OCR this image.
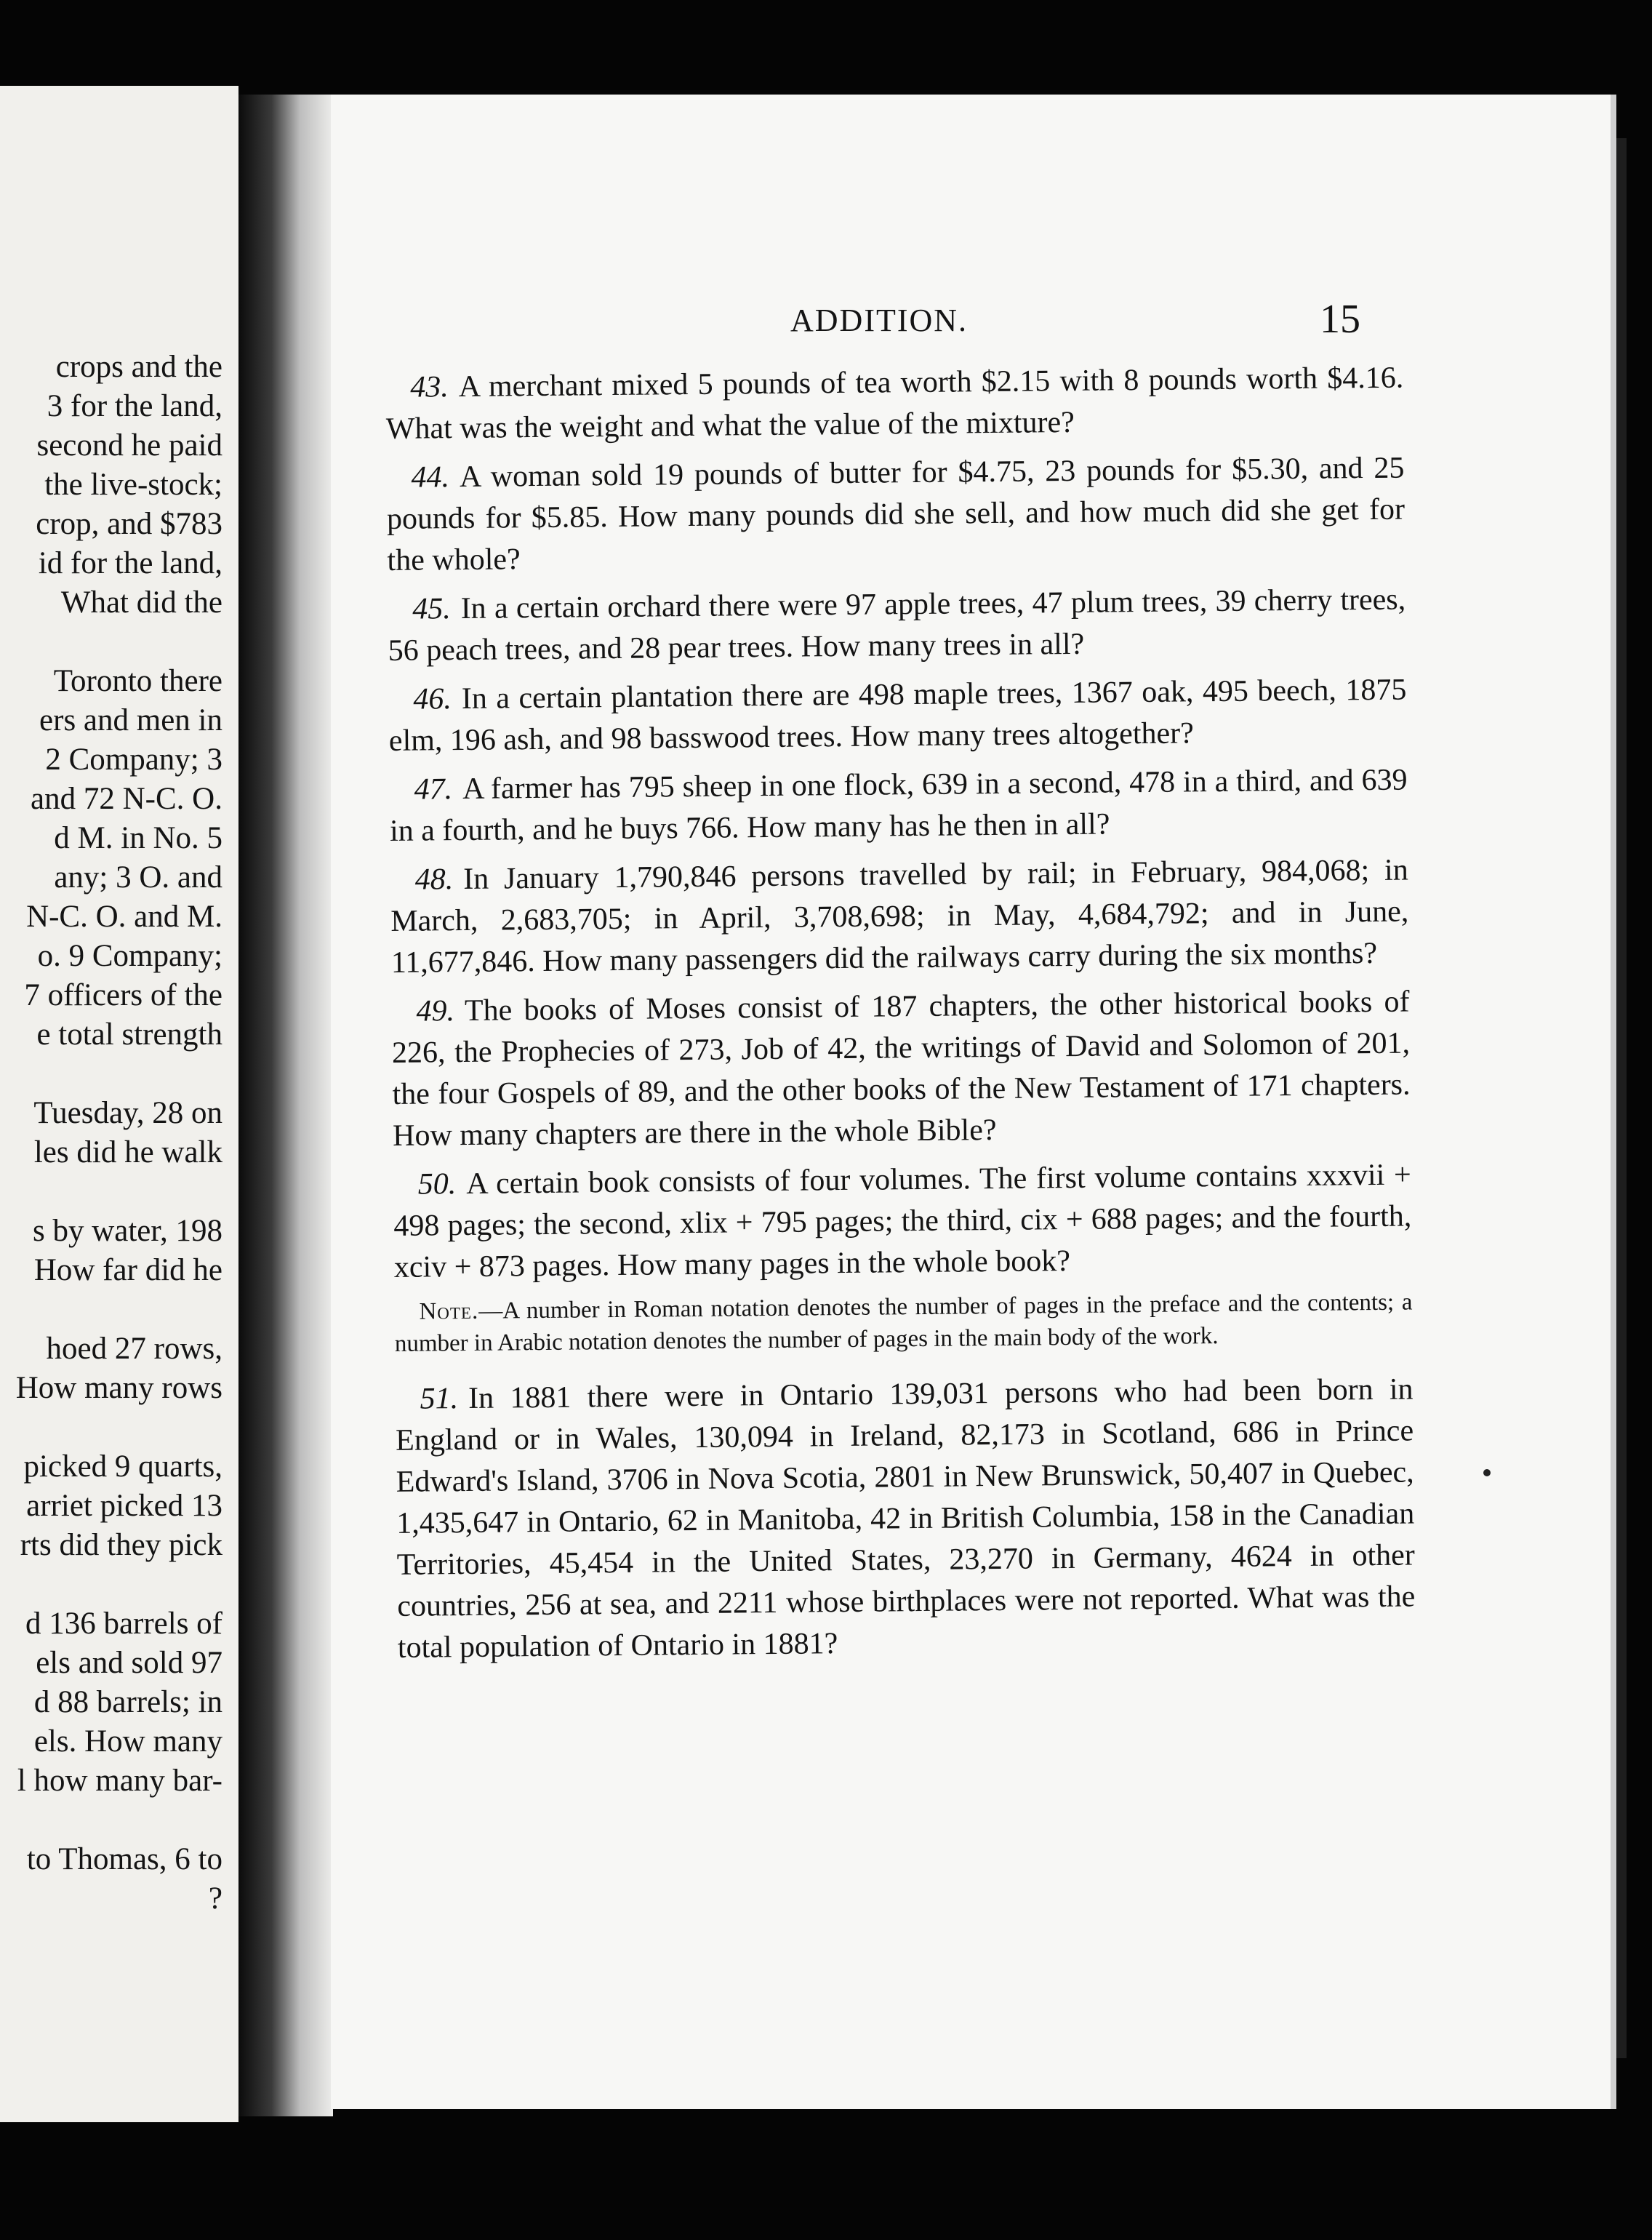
crops and the
3 for the land,
second he paid
the live-stock;
crop, and $783
id for the land,
What did the
Toronto there
ers and men in
2 Company; 3
and 72 N-C. O.
d M. in No. 5
any; 3 O. and
N-C. O. and M.
o. 9 Company;
7 officers of the
e total strength
Tuesday, 28 on
les did he walk
s by water, 198
How far did he
hoed 27 rows,
How many rows
picked 9 quarts,
arriet picked 13
rts did they pick
d 136 barrels of
els and sold 97
d 88 barrels; in
els. How many
l how many bar-
to Thomas, 6 to
?
ADDITION.	15

43. A merchant mixed 5 pounds of tea worth $2.15 with 8 pounds worth $4.16. What was the weight and what the value of the mixture?

44. A woman sold 19 pounds of butter for $4.75, 23 pounds for $5.30, and 25 pounds for $5.85. How many pounds did she sell, and how much did she get for the whole?

45. In a certain orchard there were 97 apple trees, 47 plum trees, 39 cherry trees, 56 peach trees, and 28 pear trees. How many trees in all?

46. In a certain plantation there are 498 maple trees, 1367 oak, 495 beech, 1875 elm, 196 ash, and 98 basswood trees. How many trees altogether?

47. A farmer has 795 sheep in one flock, 639 in a second, 478 in a third, and 639 in a fourth, and he buys 766. How many has he then in all?

48. In January 1,790,846 persons travelled by rail; in February, 984,068; in March, 2,683,705; in April, 3,708,698; in May, 4,684,792; and in June, 11,677,846. How many passengers did the railways carry during the six months?

49. The books of Moses consist of 187 chapters, the other historical books of 226, the Prophecies of 273, Job of 42, the writings of David and Solomon of 201, the four Gospels of 89, and the other books of the New Testament of 171 chapters. How many chapters are there in the whole Bible?

50. A certain book consists of four volumes. The first volume contains xxxvii + 498 pages; the second, xlix + 795 pages; the third, cix + 688 pages; and the fourth, xciv + 873 pages. How many pages in the whole book?

Note.—A number in Roman notation denotes the number of pages in the preface and the contents; a number in Arabic notation denotes the number of pages in the main body of the work.

51. In 1881 there were in Ontario 139,031 persons who had been born in England or in Wales, 130,094 in Ireland, 82,173 in Scotland, 686 in Prince Edward's Island, 3706 in Nova Scotia, 2801 in New Brunswick, 50,407 in Quebec, 1,435,647 in Ontario, 62 in Manitoba, 42 in British Columbia, 158 in the Canadian Territories, 45,454 in the United States, 23,270 in Germany, 4624 in other countries, 256 at sea, and 2211 whose birthplaces were not reported. What was the total population of Ontario in 1881?
